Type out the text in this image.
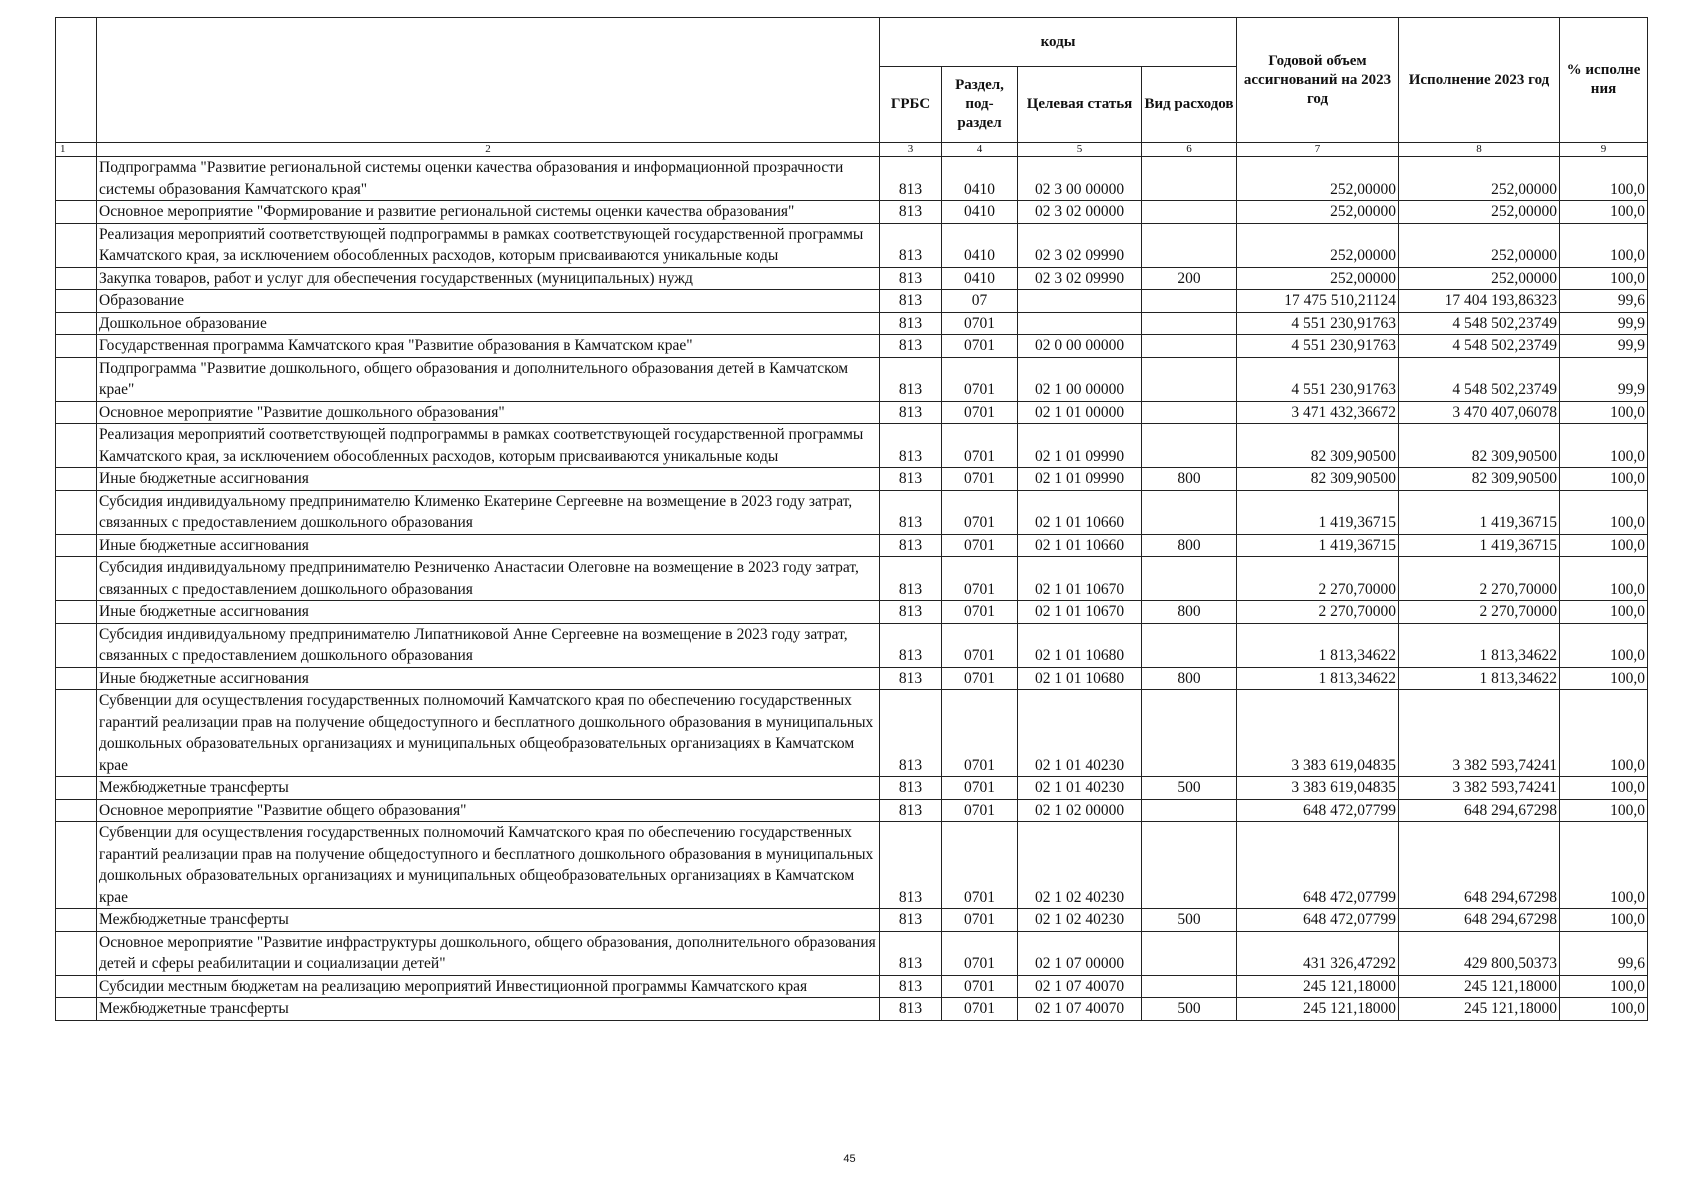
		коды				Годовой объем ассигнований на 2023 год	Исполнение 2023 год	% исполне ния
		ГРБС	Раздел, под-раздел	Целевая статья	Вид расходов			
1	2	3	4	5	6	7	8	9
	Подпрограмма "Развитие региональной системы оценки качества образования и информационной прозрачности системы образования Камчатского края"	813	0410	02 3 00 00000		252,00000	252,00000	100,0
	Основное мероприятие "Формирование и развитие региональной системы оценки качества образования"	813	0410	02 3 02 00000		252,00000	252,00000	100,0
	Реализация мероприятий соответствующей подпрограммы в рамках соответствующей государственной программы Камчатского края, за исключением обособленных расходов, которым присваиваются уникальные коды	813	0410	02 3 02 09990		252,00000	252,00000	100,0
	Закупка товаров, работ и услуг для обеспечения государственных (муниципальных) нужд	813	0410	02 3 02 09990	200	252,00000	252,00000	100,0
	Образование	813	07			17 475 510,21124	17 404 193,86323	99,6
	Дошкольное образование	813	0701			4 551 230,91763	4 548 502,23749	99,9
	Государственная программа Камчатского края "Развитие образования в Камчатском крае"	813	0701	02 0 00 00000		4 551 230,91763	4 548 502,23749	99,9
	Подпрограмма "Развитие дошкольного, общего образования и дополнительного образования детей в Камчатском крае"	813	0701	02 1 00 00000		4 551 230,91763	4 548 502,23749	99,9
	Основное мероприятие "Развитие дошкольного образования"	813	0701	02 1 01 00000		3 471 432,36672	3 470 407,06078	100,0
	Реализация мероприятий соответствующей подпрограммы в рамках соответствующей государственной программы Камчатского края, за исключением обособленных расходов, которым присваиваются уникальные коды	813	0701	02 1 01 09990		82 309,90500	82 309,90500	100,0
	Иные бюджетные ассигнования	813	0701	02 1 01 09990	800	82 309,90500	82 309,90500	100,0
	Субсидия индивидуальному предпринимателю Клименко Екатерине Сергеевне на возмещение в 2023 году затрат, связанных с предоставлением дошкольного образования	813	0701	02 1 01 10660		1 419,36715	1 419,36715	100,0
	Иные бюджетные ассигнования	813	0701	02 1 01 10660	800	1 419,36715	1 419,36715	100,0
	Субсидия индивидуальному предпринимателю Резниченко Анастасии Олеговне на возмещение в 2023 году затрат, связанных с предоставлением дошкольного образования	813	0701	02 1 01 10670		2 270,70000	2 270,70000	100,0
	Иные бюджетные ассигнования	813	0701	02 1 01 10670	800	2 270,70000	2 270,70000	100,0
	Субсидия индивидуальному предпринимателю Липатниковой Анне Сергеевне на возмещение в 2023 году затрат, связанных с предоставлением дошкольного образования	813	0701	02 1 01 10680		1 813,34622	1 813,34622	100,0
	Иные бюджетные ассигнования	813	0701	02 1 01 10680	800	1 813,34622	1 813,34622	100,0
	Субвенции для осуществления государственных полномочий Камчатского края по обеспечению государственных гарантий реализации прав на получение общедоступного и бесплатного дошкольного образования в муниципальных дошкольных образовательных организациях и муниципальных общеобразовательных организациях в Камчатском крае	813	0701	02 1 01 40230		3 383 619,04835	3 382 593,74241	100,0
	Межбюджетные трансферты	813	0701	02 1 01 40230	500	3 383 619,04835	3 382 593,74241	100,0
	Основное мероприятие "Развитие общего образования"	813	0701	02 1 02 00000		648 472,07799	648 294,67298	100,0
	Субвенции для осуществления государственных полномочий Камчатского края по обеспечению государственных гарантий реализации прав на получение общедоступного и бесплатного дошкольного образования в муниципальных дошкольных образовательных организациях и муниципальных общеобразовательных организациях в Камчатском крае	813	0701	02 1 02 40230		648 472,07799	648 294,67298	100,0
	Межбюджетные трансферты	813	0701	02 1 02 40230	500	648 472,07799	648 294,67298	100,0
	Основное мероприятие "Развитие инфраструктуры дошкольного, общего образования, дополнительного образования детей и сферы реабилитации и социализации детей"	813	0701	02 1 07 00000		431 326,47292	429 800,50373	99,6
	Субсидии местным бюджетам на реализацию мероприятий Инвестиционной программы Камчатского края	813	0701	02 1 07 40070		245 121,18000	245 121,18000	100,0
	Межбюджетные трансферты	813	0701	02 1 07 40070	500	245 121,18000	245 121,18000	100,0
45
